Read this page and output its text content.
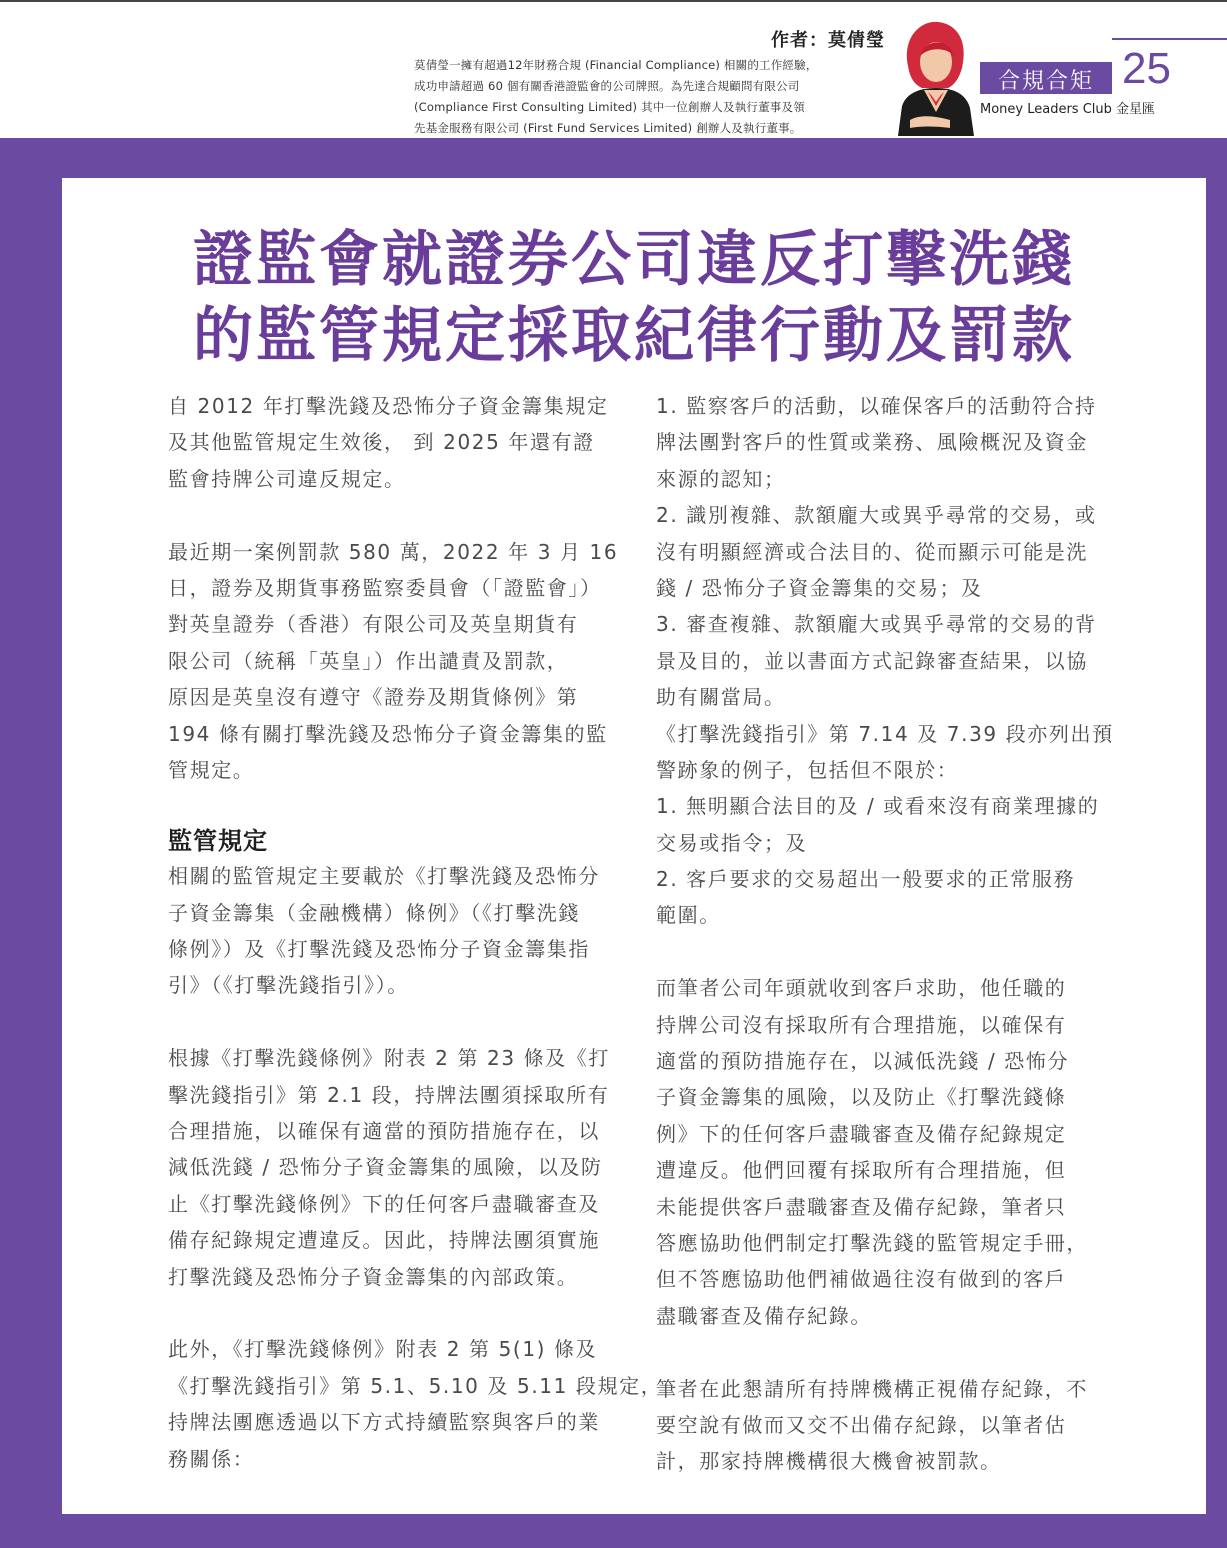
作者：莫倩瑩
莫倩瑩一擁有超過12年財務合規 (Financial Compliance) 相關的工作經驗，
成功申請超過 60 個有關香港證監會的公司牌照。為先達合規顧問有限公司
(Compliance First Consulting Limited) 其中一位創辦人及執行董事及領
先基金服務有限公司 (First Fund Services Limited) 創辦人及執行董事。
合規合矩 25
Money Leaders Club 金星匯
證監會就證券公司違反打擊洗錢
的監管規定採取紀律行動及罰款
自 2012 年打擊洗錢及恐怖分子資金籌集規定
及其他監管規定生效後， 到 2025 年還有證
監會持牌公司違反規定。
最近期一案例罰款 580 萬，2022 年 3 月 16
日，證券及期貨事務監察委員會（「證監會」）
對英皇證券（香港）有限公司及英皇期貨有
限公司（統稱「英皇」）作出譴責及罰款，
原因是英皇沒有遵守《證券及期貨條例》第
194 條有關打擊洗錢及恐怖分子資金籌集的監
管規定。
監管規定
相關的監管規定主要載於《打擊洗錢及恐怖分
子資金籌集（金融機構）條例》（《打擊洗錢
條例》）及《打擊洗錢及恐怖分子資金籌集指
引》（《打擊洗錢指引》）。
根據《打擊洗錢條例》附表 2 第 23 條及《打
擊洗錢指引》第 2.1 段，持牌法團須採取所有
合理措施，以確保有適當的預防措施存在，以
減低洗錢 / 恐怖分子資金籌集的風險，以及防
止《打擊洗錢條例》下的任何客戶盡職審查及
備存紀錄規定遭違反。因此，持牌法團須實施
打擊洗錢及恐怖分子資金籌集的內部政策。
此外，《打擊洗錢條例》附表 2 第 5(1) 條及
《打擊洗錢指引》第 5.1、5.10 及 5.11 段規定，
持牌法團應透過以下方式持續監察與客戶的業
務關係：
1. 監察客戶的活動，以確保客戶的活動符合持
牌法團對客戶的性質或業務、風險概況及資金
來源的認知；
2. 識別複雜、款額龐大或異乎尋常的交易，或
沒有明顯經濟或合法目的、從而顯示可能是洗
錢 / 恐怖分子資金籌集的交易；及
3. 審查複雜、款額龐大或異乎尋常的交易的背
景及目的，並以書面方式記錄審查結果，以協
助有關當局。
《打擊洗錢指引》第 7.14 及 7.39 段亦列出預
警跡象的例子，包括但不限於：
1. 無明顯合法目的及 / 或看來沒有商業理據的
交易或指令；及
2. 客戶要求的交易超出一般要求的正常服務
範圍。
而筆者公司年頭就收到客戶求助，他任職的
持牌公司沒有採取所有合理措施，以確保有
適當的預防措施存在，以減低洗錢 / 恐怖分
子資金籌集的風險，以及防止《打擊洗錢條
例》下的任何客戶盡職審查及備存紀錄規定
遭違反。他們回覆有採取所有合理措施，但
未能提供客戶盡職審查及備存紀錄，筆者只
答應協助他們制定打擊洗錢的監管規定手冊，
但不答應協助他們補做過往沒有做到的客戶
盡職審查及備存紀錄。
筆者在此懇請所有持牌機構正視備存紀錄，不
要空說有做而又交不出備存紀錄，以筆者估
計，那家持牌機構很大機會被罰款。
